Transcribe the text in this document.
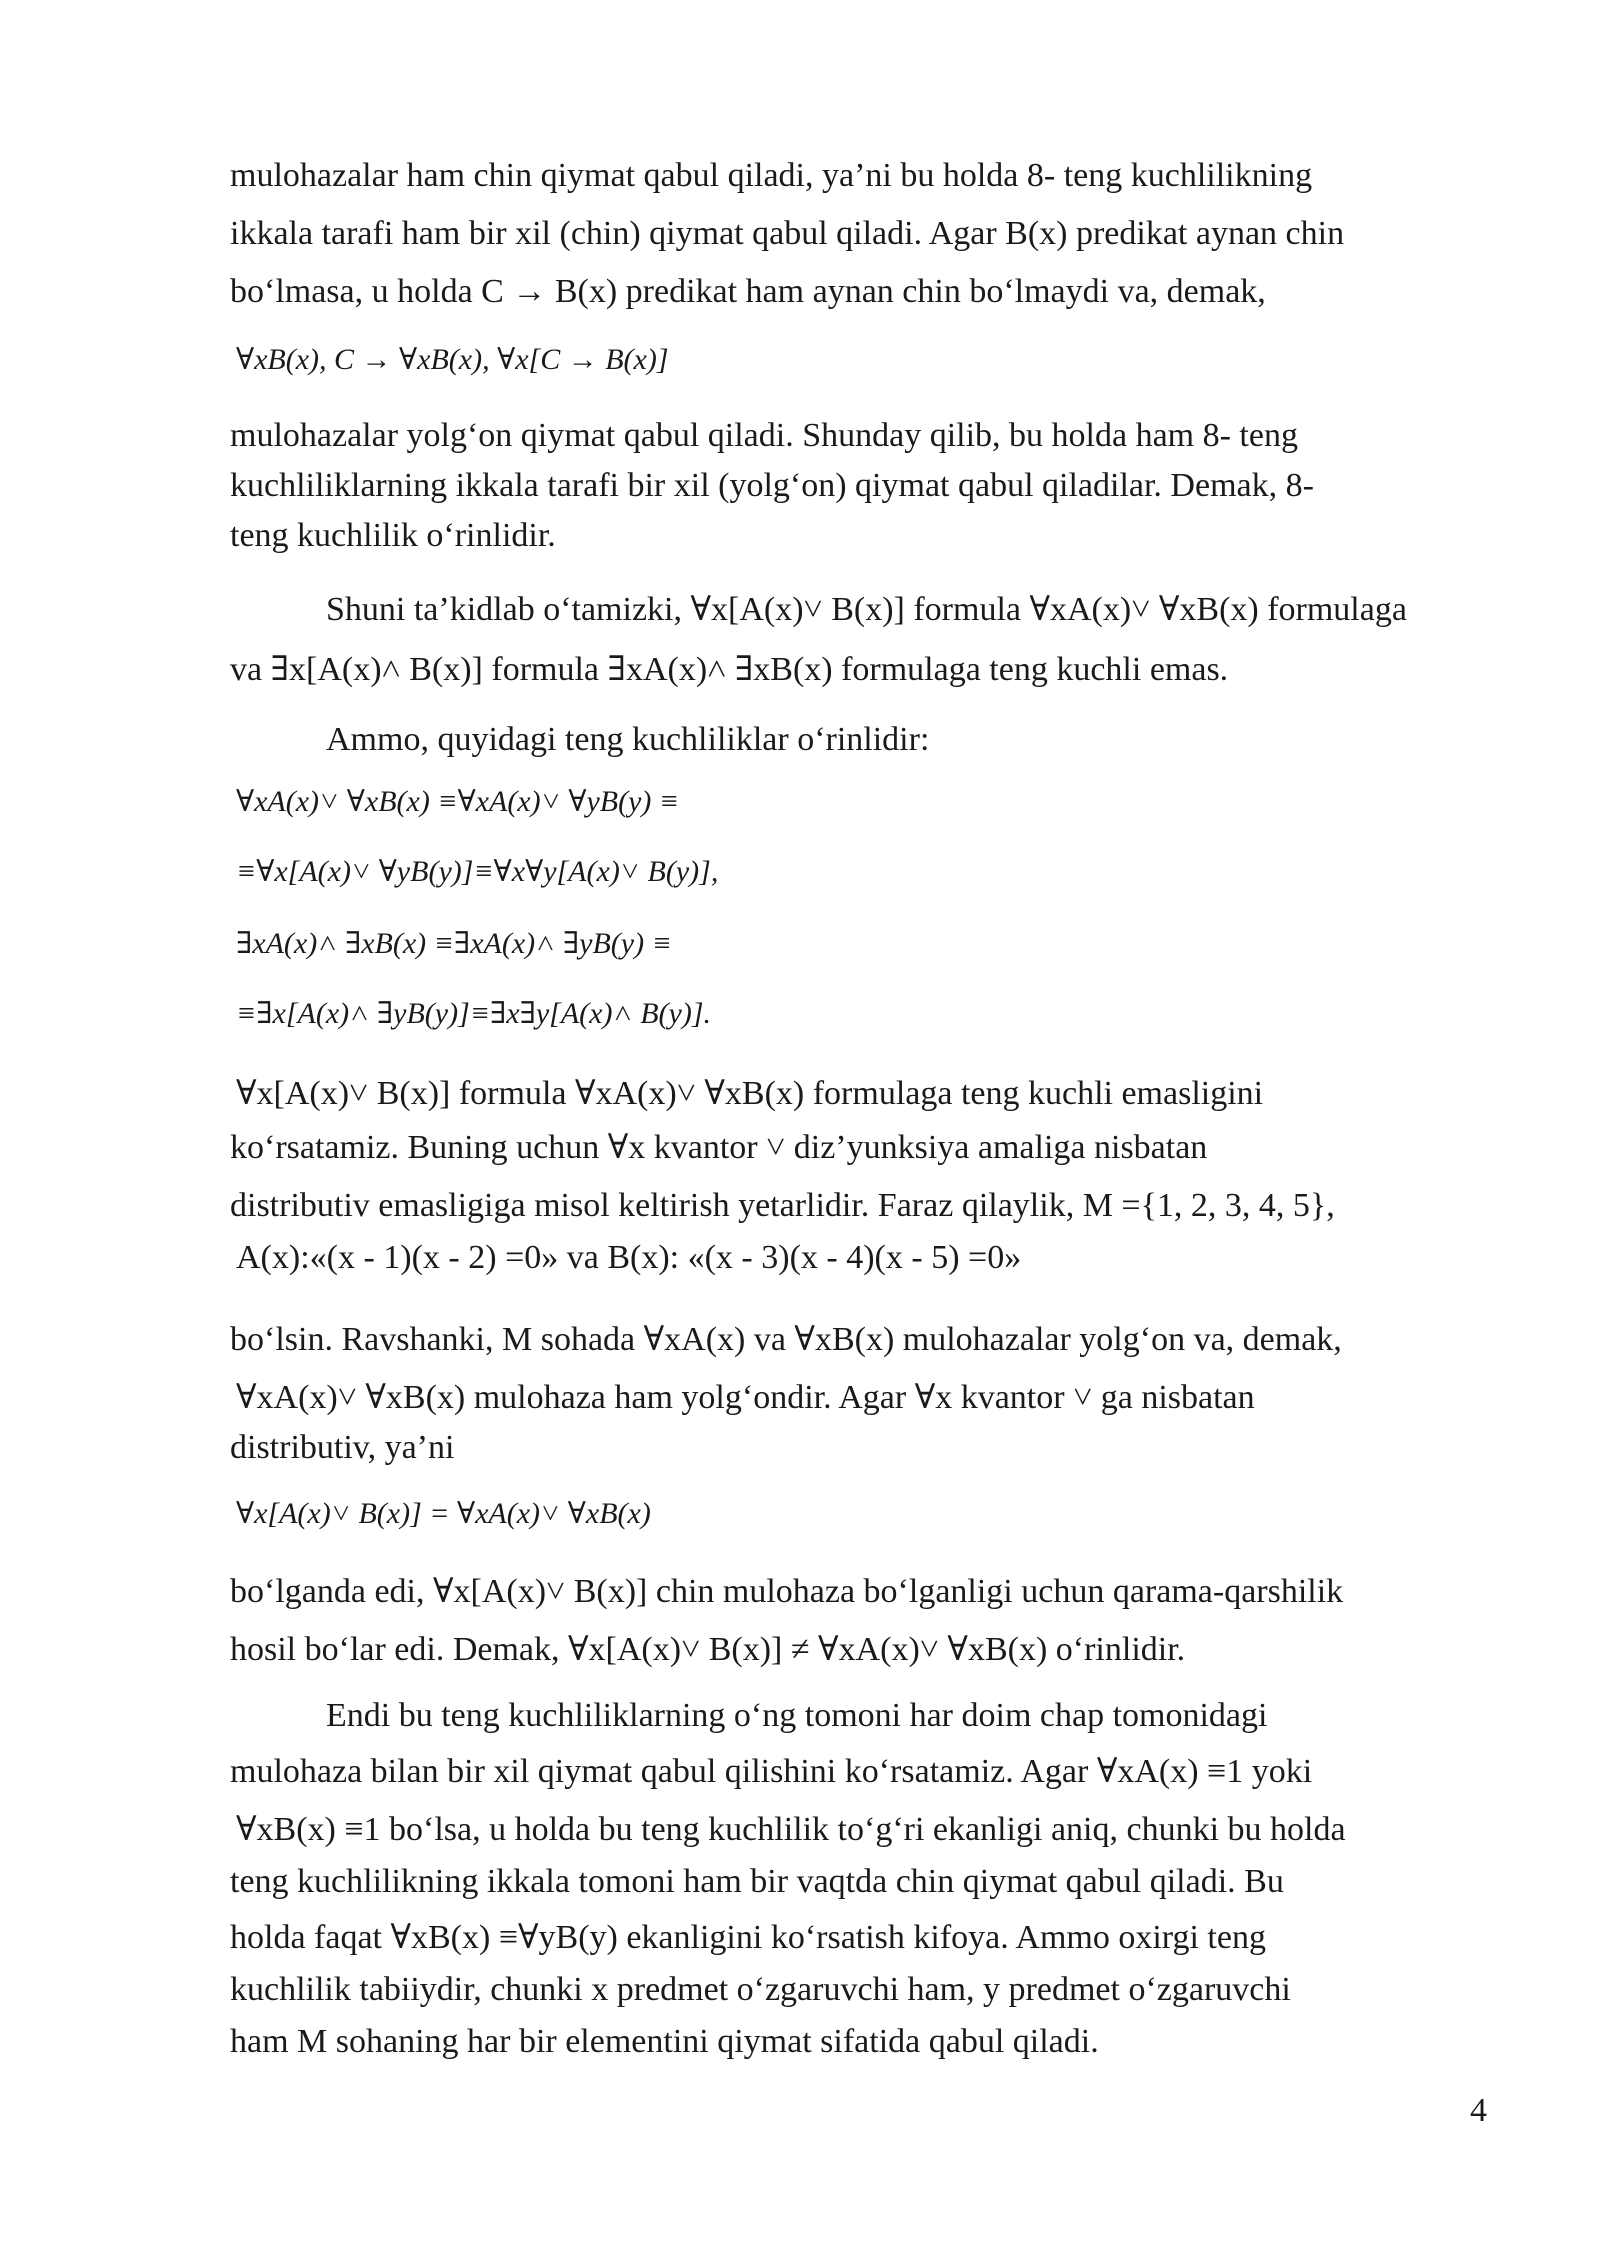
mulohazalar ham chin qiymat qabul qiladi, ya’ni bu holda 8- teng kuchlilikning
ikkala tarafi ham bir xil (chin) qiymat qabul qiladi. Agar B(x) predikat aynan chin
bo‘lmasa, u holda C → B(x) predikat ham aynan chin bo‘lmaydi va, demak,
∀xB(x), C → ∀xB(x), ∀x[C → B(x)]
mulohazalar yolg‘on qiymat qabul qiladi. Shunday qilib, bu holda ham 8- teng
kuchliliklarning ikkala tarafi bir xil (yolg‘on) qiymat qabul qiladilar. Demak, 8-
teng kuchlilik o‘rinlidir.
Shuni ta’kidlab o‘tamizki, ∀x[A(x)˅ B(x)] formula ∀xA(x)˅ ∀xB(x) formulaga
va ∃x[A(x)˄ B(x)] formula ∃xA(x)˄ ∃xB(x) formulaga teng kuchli emas.
Ammo, quyidagi teng kuchliliklar o‘rinlidir:
∀xA(x)˅ ∀xB(x) ≡∀xA(x)˅ ∀yB(y) ≡
≡∀x[A(x)˅ ∀yB(y)]≡∀x∀y[A(x)˅ B(y)],
∃xA(x)˄ ∃xB(x) ≡∃xA(x)˄ ∃yB(y) ≡
≡∃x[A(x)˄ ∃yB(y)]≡∃x∃y[A(x)˄ B(y)].
∀x[A(x)˅ B(x)] formula ∀xA(x)˅ ∀xB(x) formulaga teng kuchli emasligini
ko‘rsatamiz. Buning uchun ∀x kvantor ˅ diz’yunksiya amaliga nisbatan
distributiv emasligiga misol keltirish yetarlidir. Faraz qilaylik, M ={1, 2, 3, 4, 5},
A(x):«(x - 1)(x - 2) =0» va B(x): «(x - 3)(x - 4)(x - 5) =0»
bo‘lsin. Ravshanki, M sohada ∀xA(x) va ∀xB(x) mulohazalar yolg‘on va, demak,
∀xA(x)˅ ∀xB(x) mulohaza ham yolg‘ondir. Agar ∀x kvantor ˅ ga nisbatan
distributiv, ya’ni
∀x[A(x)˅ B(x)] = ∀xA(x)˅ ∀xB(x)
bo‘lganda edi, ∀x[A(x)˅ B(x)] chin mulohaza bo‘lganligi uchun qarama-qarshilik
hosil bo‘lar edi. Demak, ∀x[A(x)˅ B(x)] ≠ ∀xA(x)˅ ∀xB(x) o‘rinlidir.
Endi bu teng kuchliliklarning o‘ng tomoni har doim chap tomonidagi
mulohaza bilan bir xil qiymat qabul qilishini ko‘rsatamiz. Agar ∀xA(x) ≡1 yoki
∀xB(x) ≡1 bo‘lsa, u holda bu teng kuchlilik to‘g‘ri ekanligi aniq, chunki bu holda
teng kuchlilikning ikkala tomoni ham bir vaqtda chin qiymat qabul qiladi. Bu
holda faqat ∀xB(x) ≡∀yB(y) ekanligini ko‘rsatish kifoya. Ammo oxirgi teng
kuchlilik tabiiydir, chunki x predmet o‘zgaruvchi ham, y predmet o‘zgaruvchi
ham M sohaning har bir elementini qiymat sifatida qabul qiladi.
4
